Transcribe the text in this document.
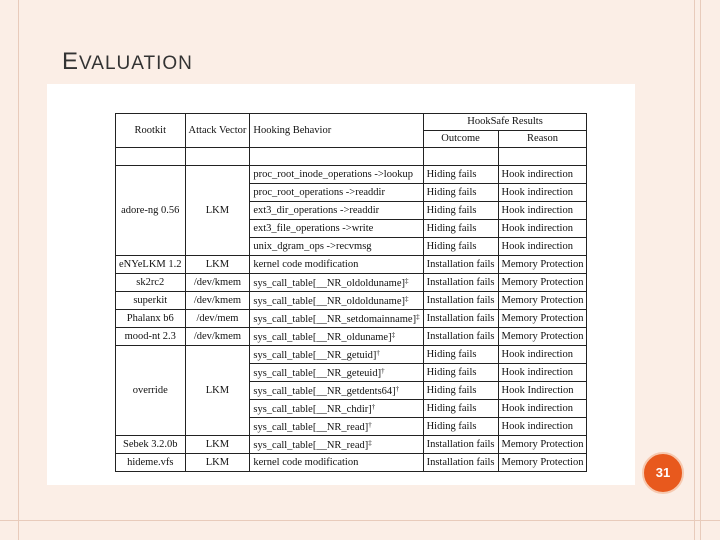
EVALUATION
Rootkit	Attack Vector	Hooking Behavior	HookSafe Results	
			Outcome	Reason

adore-ng 0.56	LKM	proc_root_inode_operations ->lookup	Hiding fails	Hook indirection
		proc_root_operations ->readdir	Hiding fails	Hook indirection
		ext3_dir_operations ->readdir	Hiding fails	Hook indirection
		ext3_file_operations ->write	Hiding fails	Hook indirection
		unix_dgram_ops ->recvmsg	Hiding fails	Hook indirection
eNYeLKM 1.2	LKM	kernel code modification	Installation fails	Memory Protection
sk2rc2	/dev/kmem	sys_call_table[__NR_oldolduname]‡	Installation fails	Memory Protection
superkit	/dev/kmem	sys_call_table[__NR_oldolduname]‡	Installation fails	Memory Protection
Phalanx b6	/dev/mem	sys_call_table[__NR_setdomainname]‡	Installation fails	Memory Protection
mood-nt 2.3	/dev/kmem	sys_call_table[__NR_olduname]‡	Installation fails	Memory Protection
override	LKM	sys_call_table[__NR_getuid]†	Hiding fails	Hook indirection
		sys_call_table[__NR_geteuid]†	Hiding fails	Hook indirection
		sys_call_table[__NR_getdents64]†	Hiding fails	Hook Indirection
		sys_call_table[__NR_chdir]†	Hiding fails	Hook indirection
		sys_call_table[__NR_read]†	Hiding fails	Hook indirection
Sebek 3.2.0b	LKM	sys_call_table[__NR_read]‡	Installation fails	Memory Protection
hideme.vfs	LKM	kernel code modification	Installation fails	Memory Protection
31
